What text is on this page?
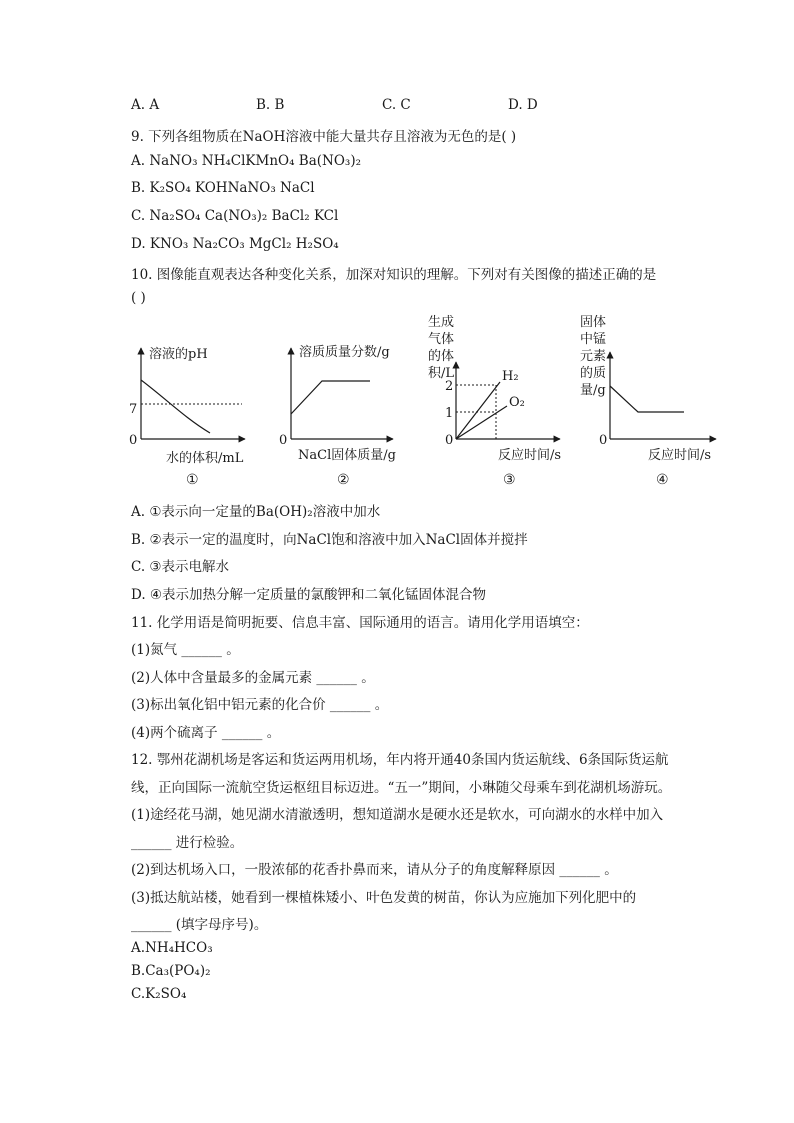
A. A	B. B	C. C	D. D
9. 下列各组物质在NaOH溶液中能大量共存且溶液为无色的是( )
A. NaNO₃ NH₄ClKMnO₄ Ba(NO₃)₂
B. K₂SO₄ KOHNaNO₃ NaCl
C. Na₂SO₄ Ca(NO₃)₂ BaCl₂ KCl
D. KNO₃ Na₂CO₃ MgCl₂ H₂SO₄
10. 图像能直观表达各种变化关系，加深对知识的理解。下列对有关图像的描述正确的是
( )
溶液的pH
7
0
水的体积/mL
①
溶质质量分数/g
0
NaCl固体质量/g
②
生成
气体
的体
积/L
2
1
0
H₂
O₂
反应时间/s
③
固体
中锰
元素
的质
量/g
0
反应时间/s
④
A. ①表示向一定量的Ba(OH)₂溶液中加水
B. ②表示一定的温度时，向NaCl饱和溶液中加入NaCl固体并搅拌
C. ③表示电解水
D. ④表示加热分解一定质量的氯酸钾和二氧化锰固体混合物
11. 化学用语是简明扼要、信息丰富、国际通用的语言。请用化学用语填空：
(1)氮气 ______ 。
(2)人体中含量最多的金属元素 ______ 。
(3)标出氧化铝中铝元素的化合价 ______ 。
(4)两个硫离子 ______ 。
12. 鄂州花湖机场是客运和货运两用机场，年内将开通40条国内货运航线、6条国际货运航
线，正向国际一流航空货运枢纽目标迈进。“五一”期间，小琳随父母乘车到花湖机场游玩。
(1)途经花马湖，她见湖水清澈透明，想知道湖水是硬水还是软水，可向湖水的水样中加入
______ 进行检验。
(2)到达机场入口，一股浓郁的花香扑鼻而来，请从分子的角度解释原因 ______ 。
(3)抵达航站楼，她看到一棵植株矮小、叶色发黄的树苗，你认为应施加下列化肥中的
______ (填字母序号)。
A.NH₄HCO₃
B.Ca₃(PO₄)₂
C.K₂SO₄
